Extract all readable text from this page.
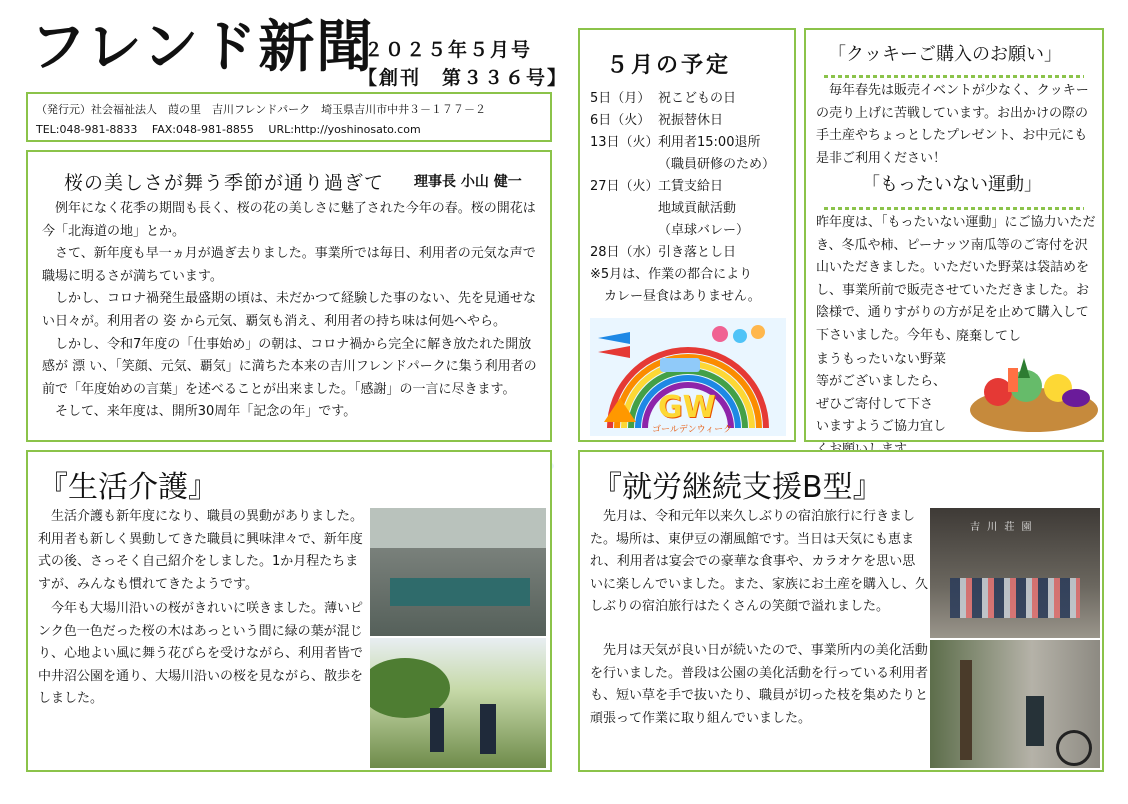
フレンド新聞
２０２５年５月号
【創刊　第３３６号】
（発行元）社会福祉法人　葭の里　吉川フレンドパーク　埼玉県吉川市中井３－１７７－２
TEL:048-981-8833　 FAX:048-981-8855　 URL:http://yoshinosato.com
桜の美しさが舞う季節が通り過ぎて 理事長 小山 健一

例年になく花季の期間も長く、桜の花の美しさに魅了された今年の春。桜の開花は今「北海道の地」とか。

さて、新年度も早一ヵ月が過ぎ去りました。事業所では毎日、利用者の元気な声で職場に明るさが満ちています。

しかし、コロナ禍発生最盛期の頃は、未だかつて経験した事のない、先を見通せない日々が。利用者の 姿 から元気、覇気も消え、利用者の持ち味は何処へやら。

しかし、令和7年度の「仕事始め」の朝は、コロナ禍から完全に解き放たれた開放感が 漂 い、「笑顔、元気、覇気」に満ちた本来の吉川フレンドパークに集う利用者の前で「年度始めの言葉」を述べることが出来ました。「感謝」の一言に尽きます。

そして、来年度は、開所30周年「記念の年」です。

５月の予定
5日（月） 祝こどもの日
6日（火） 祝振替休日
13日（火） 利用者15:00退所
（職員研修のため）
27日（火） 工賃支給日
地域貢献活動
（卓球バレー）
28日（水） 引き落とし日
※5月は、作業の都合により
カレー昼食はありません。
GW
ゴールデンウィーク
「クッキーご購入のお願い」
毎年春先は販売イベントが少なく、クッキーの売り上げに苦戦しています。お出かけの際の手土産やちょっとしたプレゼント、お中元にも是非ご利用ください！
「もったいない運動」
昨年度は、「もったいない運動」にご協力いただき、冬瓜や柿、ピーナッツ南瓜等のご寄付を沢山いただきました。いただいた野菜は袋詰めをし、事業所前で販売させていただきました。お陰様で、通りすがりの方が足を止めて購入して下さいました。今年も、
廃棄してし
まうもったいない野菜
等がございましたら、
ぜひご寄付して下さ
いますようご協力宜し
『生活介護』
生活介護も新年度になり、職員の異動がありました。利用者も新しく異動してきた職員に興味津々で、新年度式の後、さっそく自己紹介をしました。1か月程たちますが、みんなも慣れてきたようです。
今年も大場川沿いの桜がきれいに咲きました。薄いピンク色一色だった桜の木はあっという間に緑の葉が混じり、心地よい風に舞う花びらを受けながら、利用者皆で中井沼公園を通り、大場川沿いの桜を見ながら、散歩をしました。
『就労継続支援B型』
先月は、令和元年以来久しぶりの宿泊旅行に行きました。場所は、東伊豆の潮風館です。当日は天気にも恵まれ、利用者は宴会での豪華な食事や、カラオケを思い思いに楽しんでいました。また、家族にお土産を購入し、久しぶりの宿泊旅行はたくさんの笑顔で溢れました。
先月は天気が良い日が続いたので、事業所内の美化活動を行いました。普段は公園の美化活動を行っている利用者も、短い草を手で抜いたり、職員が切った枝を集めたりと頑張って作業に取り組んでいました。
吉 川 荘 園
